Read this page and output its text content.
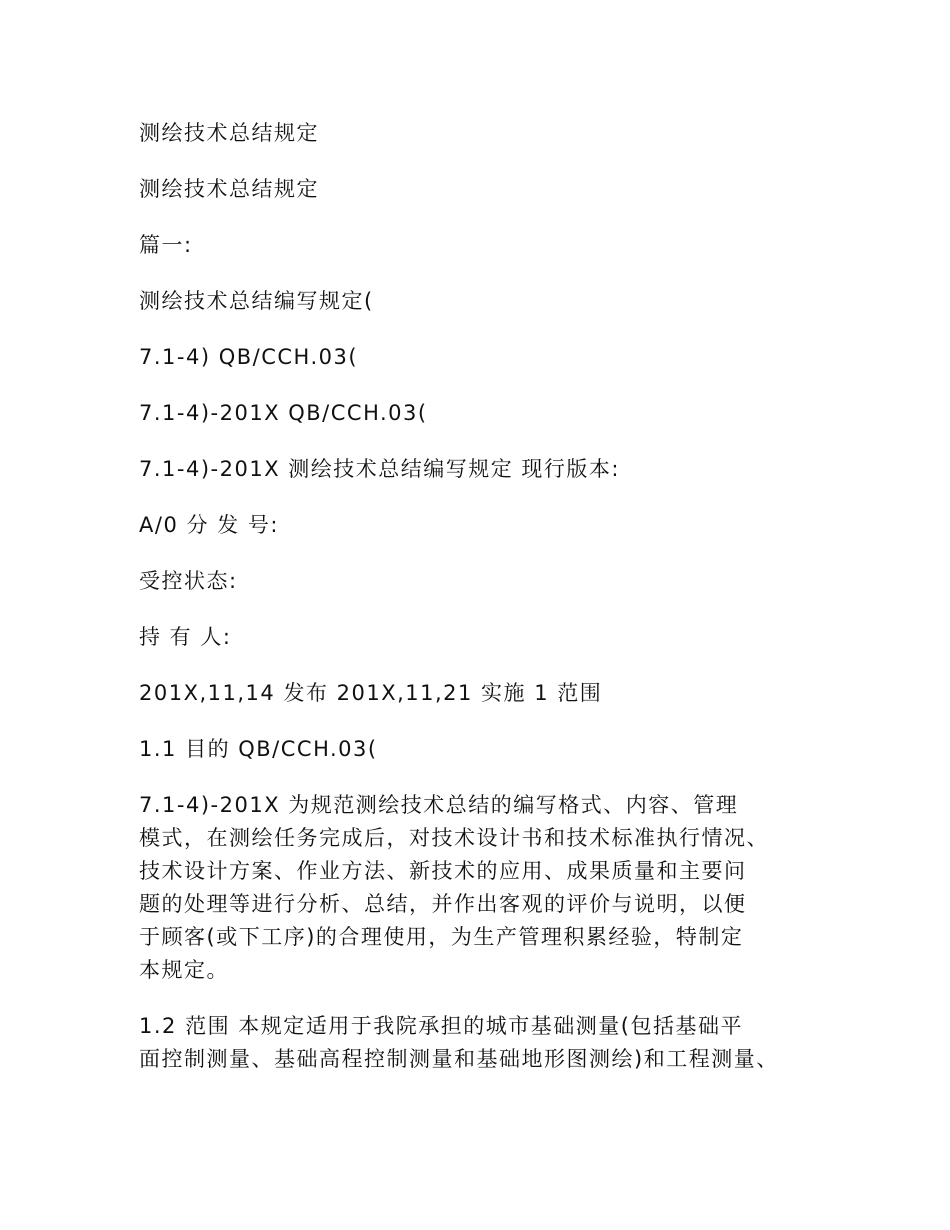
测绘技术总结规定
测绘技术总结规定
篇一:
测绘技术总结编写规定(
7.1-4) QB/CCH.03(
7.1-4)-201X QB/CCH.03(
7.1-4)-201X 测绘技术总结编写规定 现行版本:
A/0 分 发 号:
受控状态:
持 有 人:
201X,11,14 发布 201X,11,21 实施 1 范围
1.1 目的 QB/CCH.03(
7.1-4)-201X 为规范测绘技术总结的编写格式、内容、管理
模式，在测绘任务完成后，对技术设计书和技术标准执行情况、
技术设计方案、作业方法、新技术的应用、成果质量和主要问
题的处理等进行分析、总结，并作出客观的评价与说明，以便
于顾客(或下工序)的合理使用，为生产管理积累经验，特制定
本规定。
1.2 范围 本规定适用于我院承担的城市基础测量(包括基础平
面控制测量、基础高程控制测量和基础地形图测绘)和工程测量、
